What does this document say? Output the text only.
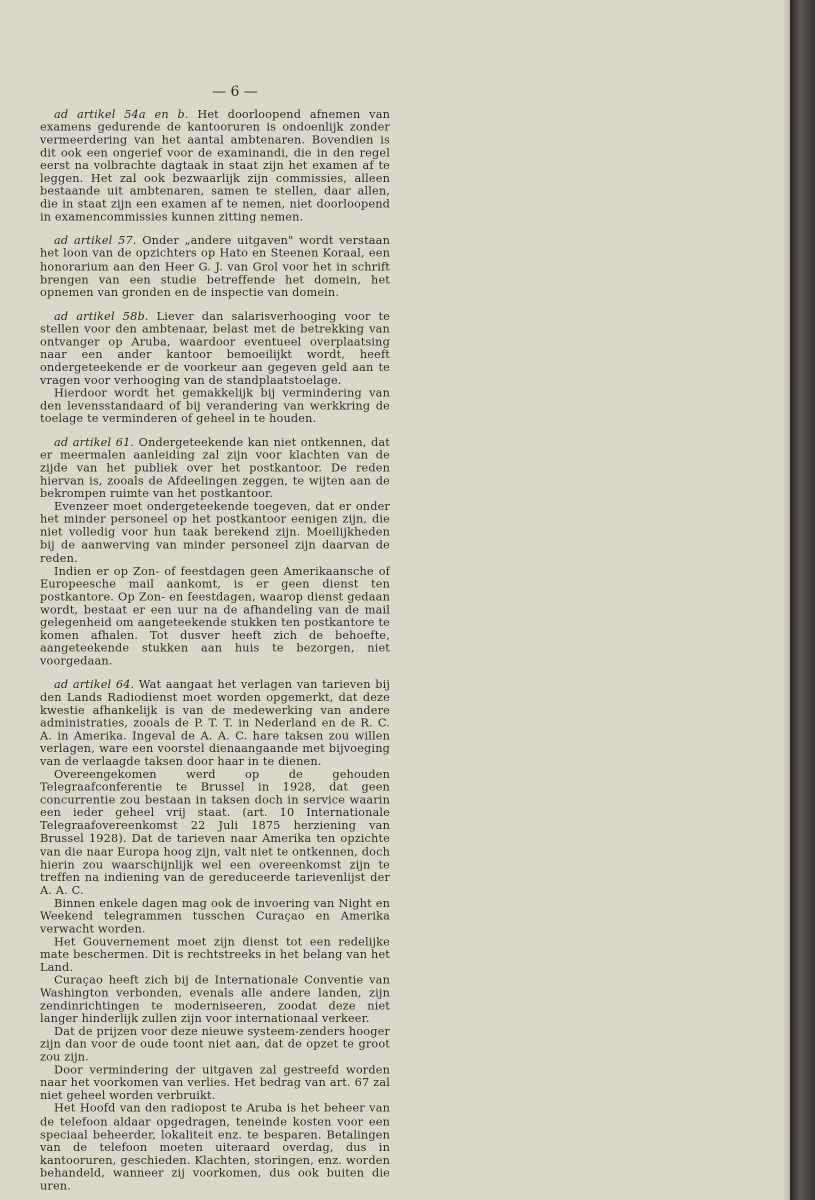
— 6 —

ad artikel 54a en b. Het doorloopend afnemen van examens gedurende de kantooruren is ondoenlijk zonder vermeerdering van het aantal ambtenaren. Bovendien is dit ook een ongerief voor de examinandi, die in den regel eerst na volbrachte dagtaak in staat zijn het examen af te leggen. Het zal ook bezwaarlijk zijn commissies, alleen bestaande uit ambtenaren, samen te stellen, daar allen, die in staat zijn een examen af te nemen, niet doorloopend in examencommissies kunnen zitting nemen.

ad artikel 57. Onder „andere uitgaven" wordt verstaan het loon van de opzichters op Hato en Steenen Koraal, een honorarium aan den Heer G. J. van Grol voor het in schrift brengen van een studie betreffende het domein, het opnemen van gronden en de inspectie van domein.

ad artikel 58b. Liever dan salarisverhooging voor te stellen voor den ambtenaar, belast met de betrekking van ontvanger op Aruba, waardoor eventueel overplaatsing naar een ander kantoor bemoeilijkt wordt, heeft ondergeteekende er de voorkeur aan gegeven geld aan te vragen voor verhooging van de standplaatstoelage.

Hierdoor wordt het gemakkelijk bij vermindering van den levensstandaard of bij verandering van werkkring de toelage te verminderen of geheel in te houden.

ad artikel 61. Ondergeteekende kan niet ontkennen, dat er meermalen aanleiding zal zijn voor klachten van de zijde van het publiek over het postkantoor. De reden hiervan is, zooals de Afdeelingen zeggen, te wijten aan de bekrompen ruimte van het postkantoor.

Evenzeer moet ondergeteekende toegeven, dat er onder het minder personeel op het postkantoor eenigen zijn, die niet volledig voor hun taak berekend zijn. Moeilijkheden bij de aanwerving van minder personeel zijn daarvan de reden.

Indien er op Zon- of feestdagen geen Amerikaansche of Europeesche mail aankomt, is er geen dienst ten postkantore. Op Zon- en feestdagen, waarop dienst gedaan wordt, bestaat er een uur na de afhandeling van de mail gelegenheid om aangeteekende stukken ten postkantore te komen afhalen. Tot dusver heeft zich de behoefte, aangeteekende stukken aan huis te bezorgen, niet voorgedaan.

ad artikel 64. Wat aangaat het verlagen van tarieven bij den Lands Radiodienst moet worden opgemerkt, dat deze kwestie afhankelijk is van de medewerking van andere administraties, zooals de P. T. T. in Nederland en de R. C. A. in Amerika. Ingeval de A. A. C. hare taksen zou willen verlagen, ware een voorstel dienaangaande met bijvoeging van de verlaagde taksen door haar in te dienen.

Overeengekomen werd op de gehouden Telegraafconferentie te Brussel in 1928, dat geen concurrentie zou bestaan in taksen doch in service waarin een ieder geheel vrij staat. (art. 10 Internationale Telegraafovereenkomst 22 Juli 1875 herziening van Brussel 1928). Dat de tarieven naar Amerika ten opzichte van die naar Europa hoog zijn, valt niet te ontkennen, doch hierin zou waarschijnlijk wel een overeenkomst zijn te treffen na indiening van de gereduceerde tarievenlijst der A. A. C.

Binnen enkele dagen mag ook de invoering van Night en Weekend telegrammen tusschen Curaçao en Amerika verwacht worden.

Het Gouvernement moet zijn dienst tot een redelijke mate beschermen. Dit is rechtstreeks in het belang van het Land.

Curaçao heeft zich bij de Internationale Conventie van Washington verbonden, evenals alle andere landen, zijn zendinrichtingen te moderniseeren, zoodat deze niet langer hinderlijk zullen zijn voor internationaal verkeer.

Dat de prijzen voor deze nieuwe systeem-zenders hooger zijn dan voor de oude toont niet aan, dat de opzet te groot zou zijn.

Door vermindering der uitgaven zal gestreefd worden naar het voorkomen van verlies. Het bedrag van art. 67 zal niet geheel worden verbruikt.

Het Hoofd van den radiopost te Aruba is het beheer van de telefoon aldaar opgedragen, teneinde kosten voor een speciaal beheerder, lokaliteit enz. te besparen. Betalingen van de telefoon moeten uiteraard overdag, dus in kantooruren, geschieden. Klachten, storingen, enz. worden behandeld, wanneer zij voorkomen, dus ook buiten die uren.
